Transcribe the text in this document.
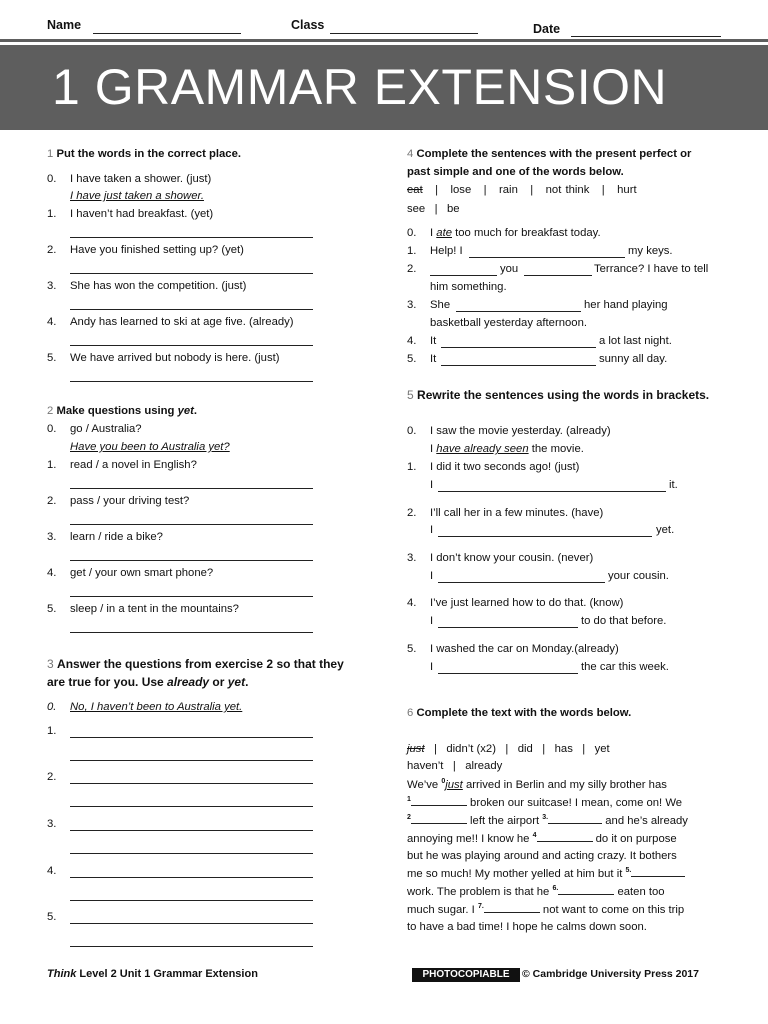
Name	Class	Date
1 GRAMMAR EXTENSION
1 Put the words in the correct place.
0. I have taken a shower. (just)
I have just taken a shower.
1. I haven’t had breakfast. (yet)
2. Have you finished setting up? (yet)
3. She has won the competition. (just)
4. Andy has learned to ski at age five. (already)
5. We have arrived but nobody is here. (just)
2 Make questions using yet.
0. go / Australia?
Have you been to Australia yet?
1. read / a novel in English?
2. pass / your driving test?
3. learn / ride a bike?
4. get / your own smart phone?
5. sleep / in a tent in the mountains?
3 Answer the questions from exercise 2 so that they
are true for you. Use already or yet.
0. No, I haven’t been to Australia yet.
1.
2.
3.
4.
5.
4 Complete the sentences with the present perfect or
past simple and one of the words below.
eat | lose | rain | not think | hurt
see | be
0. I ate too much for breakfast today.
1. Help! I	my keys.
2.	you	Terrance? I have to tell
him something.
3. She	her hand playing
basketball yesterday afternoon.
4. It	a lot last night.
5. It	sunny all day.
5 Rewrite the sentences using the words in brackets.
0. I saw the movie yesterday. (already)
I have already seen the movie.
1. I did it two seconds ago! (just)
I	it.
2. I’ll call her in a few minutes. (have)
I	yet.
3. I don’t know your cousin. (never)
I	your cousin.
4. I’ve just learned how to do that. (know)
I	to do that before.
5. I washed the car on Monday.(already)
I	the car this week.
6 Complete the text with the words below.
just | didn’t (x2) | did | has | yet
haven’t | already
We’ve $^0$just arrived in Berlin and my silly brother has
$^1$	broken our suitcase! I mean, come on! We
$^2$	left the airport $^{3.}$	and he’s already
annoying me!! I know he $^4$	do it on purpose
but he was playing around and acting crazy. It bothers
me so much! My mother yelled at him but it $^{5.}$
work. The problem is that he $^{6.}$	eaten too
much sugar. I $^{7.}$	not want to come on this trip
to have a bad time! I hope he calms down soon.
Think Level 2 Unit 1 Grammar Extension	PHOTOCOPIABLE	© Cambridge University Press 2017
